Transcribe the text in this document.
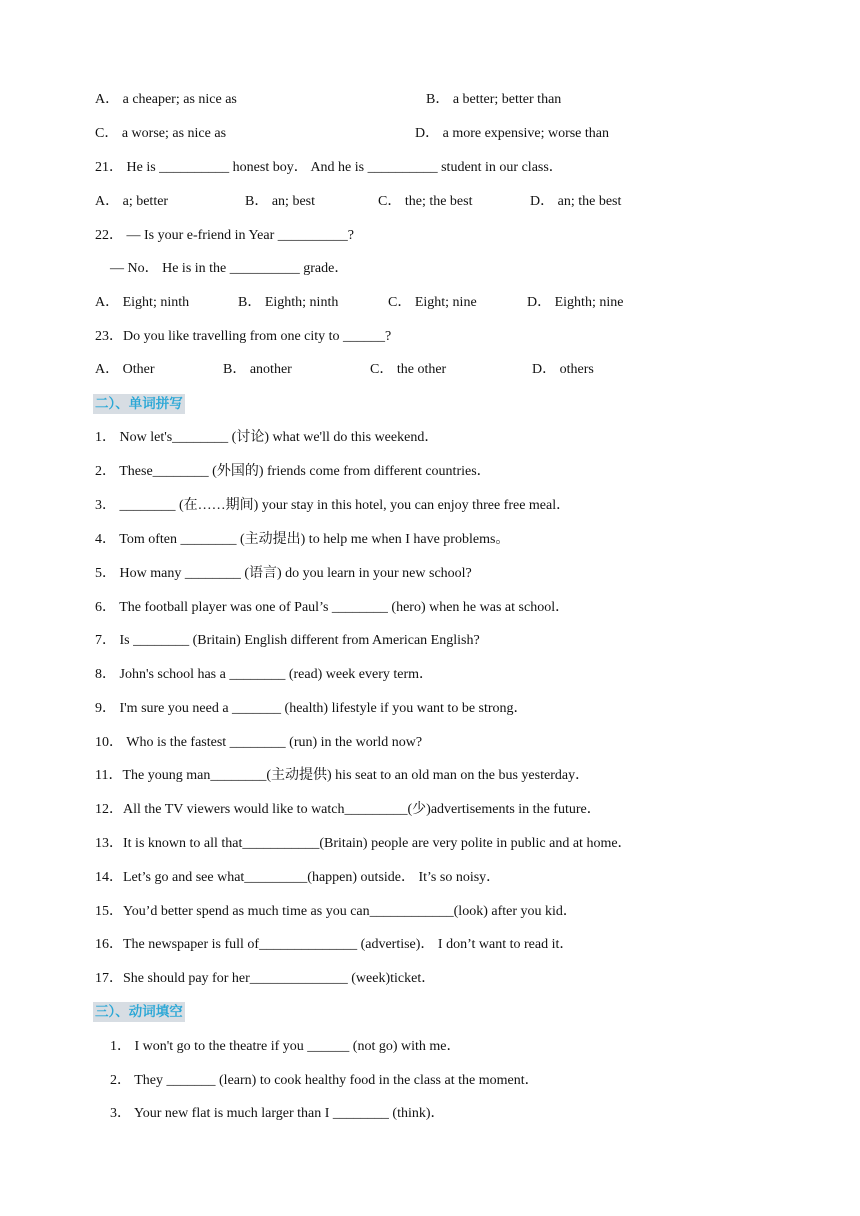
A． a cheaper; as nice as	B． a better; better than
C． a worse; as nice as	D． a more expensive; worse than
21． He is __________ honest boy． And he is __________ student in our class．
A． a; better	B． an; best	C． the; the best	D． an; the best
22． — Is your e-friend in Year __________?
— No． He is in the __________ grade．
A． Eight; ninth	B． Eighth; ninth	C． Eight; nine	D． Eighth; nine
23．Do you like travelling from one city to ______?
A． Other	B． another	C． the other	D． others
二）、单词拼写
1． Now let's________ (讨论) what we'll do this weekend．
2． These________ (外国的) friends come from different countries．
3． ________ (在……期间) your stay in this hotel, you can enjoy three free meal．
4． Tom often ________ (主动提出) to help me when I have problems。
5． How many ________ (语言) do you learn in your new school?
6． The football player was one of Paul’s ________ (hero) when he was at school．
7． Is ________ (Britain) English different from American English?
8． John's school has a ________ (read) week every term．
9． I'm sure you need a _______ (health) lifestyle if you want to be strong．
10． Who is the fastest ________ (run) in the world now?
11．The young man________(主动提供) his seat to an old man on the bus yesterday．
12．All the TV viewers would like to watch_________(少)advertisements in the future．
13．It is known to all that___________(Britain) people are very polite in public and at home．
14．Let’s go and see what_________(happen) outside． It’s so noisy．
15．You’d better spend as much time as you can____________(look) after you kid．
16．The newspaper is full of______________ (advertise)． I don’t want to read it．
17．She should pay for her______________ (week)ticket．
三）、动词填空
1． I won't go to the theatre if you ______ (not go) with me．
2． They _______ (learn) to cook healthy food in the class at the moment．
3． Your new flat is much larger than I ________ (think)．
